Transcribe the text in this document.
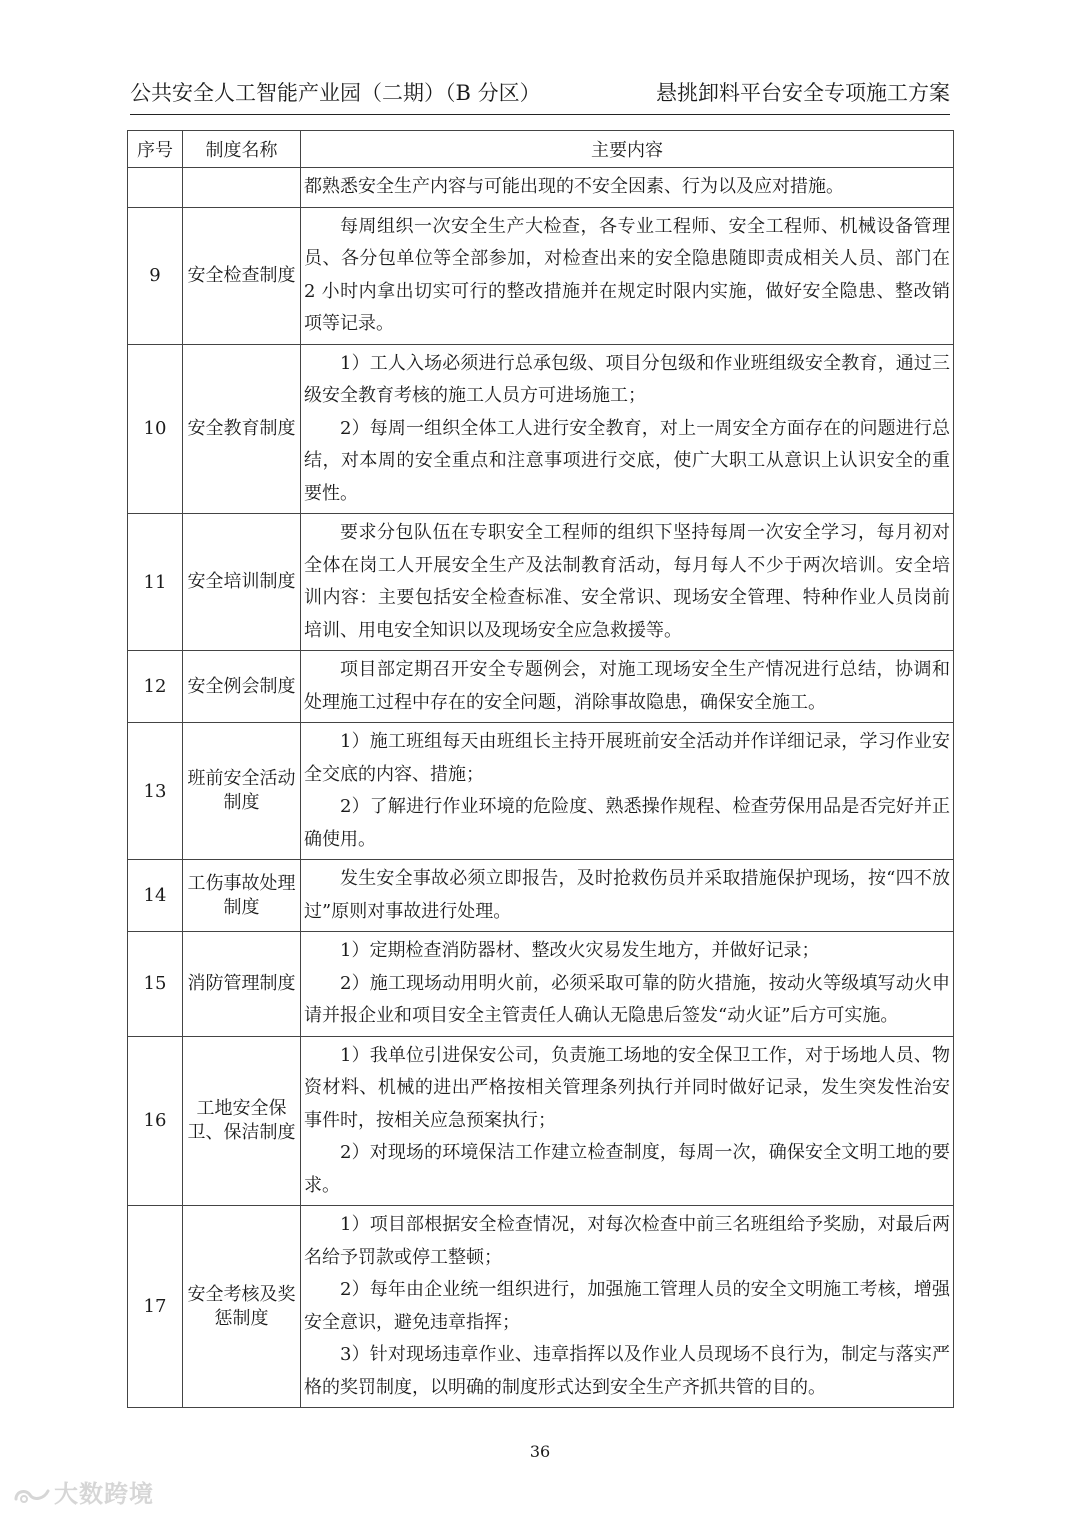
公共安全人工智能产业园（二期）（B 分区）	悬挑卸料平台安全专项施工方案
序号	制度名称	主要内容

		都熟悉安全生产内容与可能出现的不安全因素、行为以及应对措施。

9	安全检查制度	每周组织一次安全生产大检查，各专业工程师、安全工程师、机械设备管理员、各分包单位等全部参加，对检查出来的安全隐患随即责成相关人员、部门在 2 小时内拿出切实可行的整改措施并在规定时限内实施，做好安全隐患、整改销项等记录。

10	安全教育制度	1）工人入场必须进行总承包级、项目分包级和作业班组级安全教育，通过三级安全教育考核的施工人员方可进场施工；

2）每周一组织全体工人进行安全教育，对上一周安全方面存在的问题进行总结，对本周的安全重点和注意事项进行交底，使广大职工从意识上认识安全的重要性。

11	安全培训制度	要求分包队伍在专职安全工程师的组织下坚持每周一次安全学习，每月初对全体在岗工人开展安全生产及法制教育活动，每月每人不少于两次培训。安全培训内容：主要包括安全检查标准、安全常识、现场安全管理、特种作业人员岗前培训、用电安全知识以及现场安全应急救援等。

12	安全例会制度	项目部定期召开安全专题例会，对施工现场安全生产情况进行总结，协调和处理施工过程中存在的安全问题，消除事故隐患，确保安全施工。

13	班前安全活动制度	1）施工班组每天由班组长主持开展班前安全活动并作详细记录，学习作业安全交底的内容、措施；

2）了解进行作业环境的危险度、熟悉操作规程、检查劳保用品是否完好并正确使用。

14	工伤事故处理制度	发生安全事故必须立即报告，及时抢救伤员并采取措施保护现场，按“四不放过”原则对事故进行处理。

15	消防管理制度	1）定期检查消防器材、整改火灾易发生地方，并做好记录；

2）施工现场动用明火前，必须采取可靠的防火措施，按动火等级填写动火申请并报企业和项目安全主管责任人确认无隐患后签发“动火证”后方可实施。

16	工地安全保卫、保洁制度	1）我单位引进保安公司，负责施工场地的安全保卫工作，对于场地人员、物资材料、机械的进出严格按相关管理条列执行并同时做好记录，发生突发性治安事件时，按相关应急预案执行；

2）对现场的环境保洁工作建立检查制度，每周一次，确保安全文明工地的要求。

17	安全考核及奖惩制度	1）项目部根据安全检查情况，对每次检查中前三名班组给予奖励，对最后两名给予罚款或停工整顿；

2）每年由企业统一组织进行，加强施工管理人员的安全文明施工考核，增强安全意识，避免违章指挥；

3）针对现场违章作业、违章指挥以及作业人员现场不良行为，制定与落实严格的奖罚制度，以明确的制度形式达到安全生产齐抓共管的目的。

36
大数跨境
